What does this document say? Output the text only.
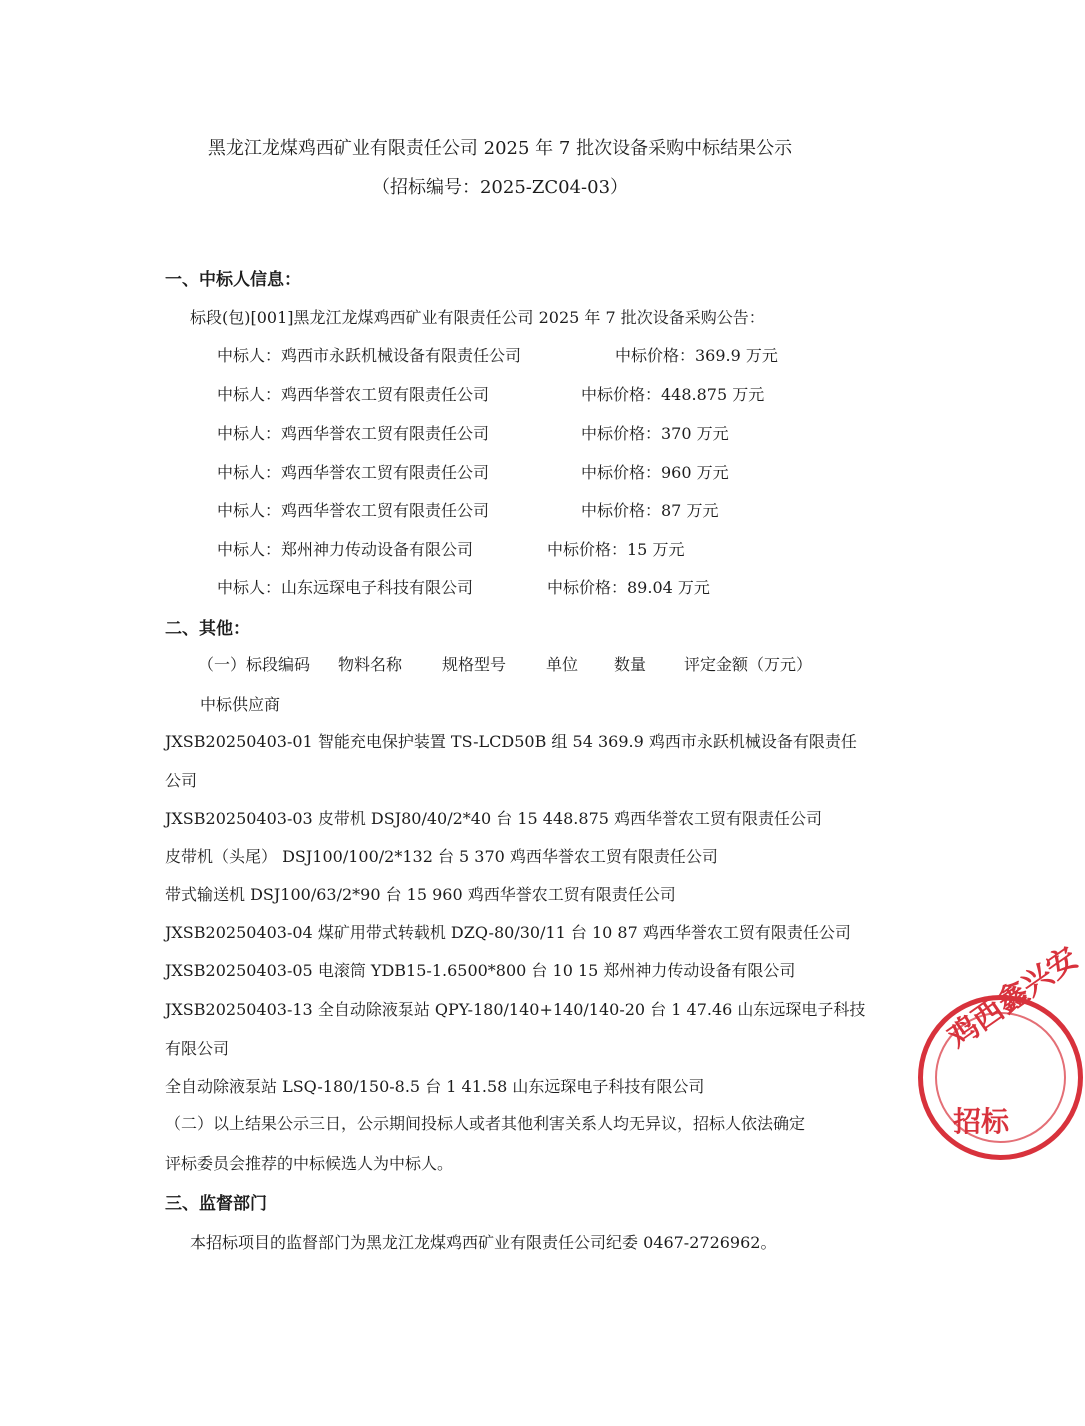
黑龙江龙煤鸡西矿业有限责任公司 2025 年 7 批次设备采购中标结果公示
（招标编号：2025-ZC04-03）
一、中标人信息：
标段(包)[001]黑龙江龙煤鸡西矿业有限责任公司 2025 年 7 批次设备采购公告：
中标人：鸡西市永跃机械设备有限责任公司	中标价格：369.9 万元
中标人：鸡西华誉农工贸有限责任公司	中标价格：448.875 万元
中标人：鸡西华誉农工贸有限责任公司	中标价格：370 万元
中标人：鸡西华誉农工贸有限责任公司	中标价格：960 万元
中标人：鸡西华誉农工贸有限责任公司	中标价格：87 万元
中标人：郑州神力传动设备有限公司	中标价格：15 万元
中标人：山东远琛电子科技有限公司	中标价格：89.04 万元
二、其他：
（一）标段编码 物料名称 规格型号 单位 数量 评定金额（万元）
中标供应商
JXSB20250403-01 智能充电保护装置 TS-LCD50B 组 54 369.9 鸡西市永跃机械设备有限责任
公司
JXSB20250403-03 皮带机 DSJ80/40/2*40 台 15 448.875 鸡西华誉农工贸有限责任公司
皮带机（头尾） DSJ100/100/2*132 台 5 370 鸡西华誉农工贸有限责任公司
带式输送机 DSJ100/63/2*90 台 15 960 鸡西华誉农工贸有限责任公司
JXSB20250403-04 煤矿用带式转载机 DZQ-80/30/11 台 10 87 鸡西华誉农工贸有限责任公司
JXSB20250403-05 电滚筒 YDB15-1.6500*800 台 10 15 郑州神力传动设备有限公司
JXSB20250403-13 全自动除液泵站 QPY-180/140+140/140-20 台 1 47.46 山东远琛电子科技
有限公司
全自动除液泵站 LSQ-180/150-8.5 台 1 41.58 山东远琛电子科技有限公司
（二）以上结果公示三日，公示期间投标人或者其他利害关系人均无异议，招标人依法确定
评标委员会推荐的中标候选人为中标人。
三、监督部门
本招标项目的监督部门为黑龙江龙煤鸡西矿业有限责任公司纪委 0467-2726962。
鸡西鑫兴安
招标
